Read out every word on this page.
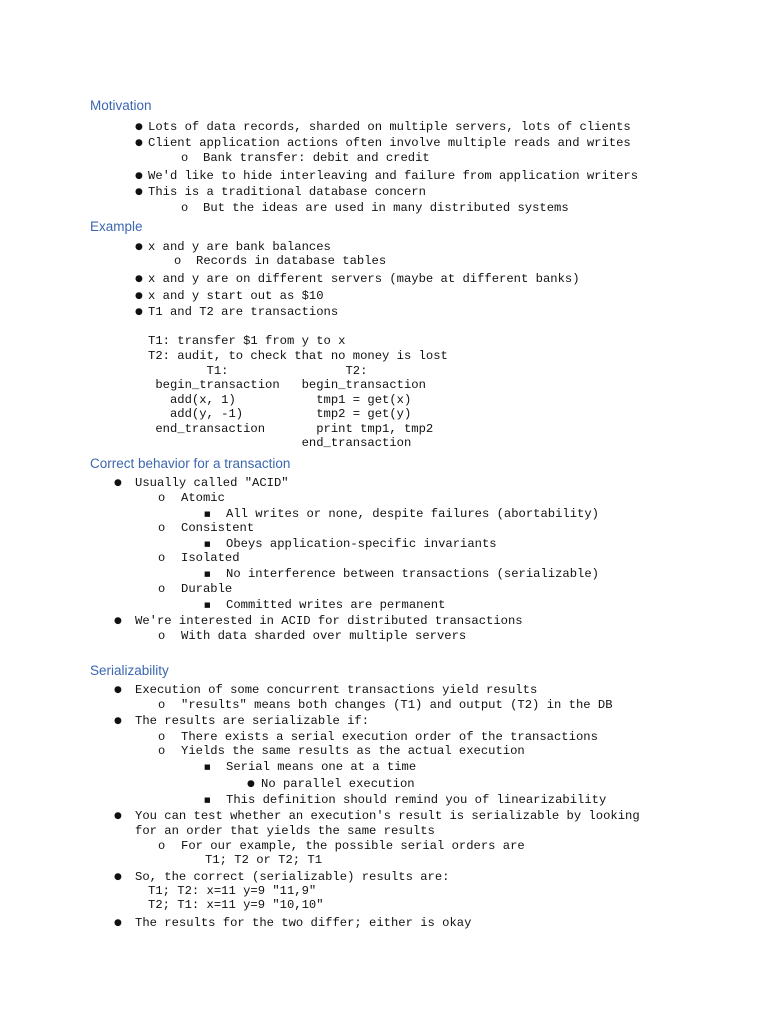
Motivation
● Lots of data records, sharded on multiple servers, lots of clients
● Client application actions often involve multiple reads and writes
o Bank transfer: debit and credit
● We'd like to hide interleaving and failure from application writers
● This is a traditional database concern
o But the ideas are used in many distributed systems
Example
● x and y are bank balances
o Records in database tables
● x and y are on different servers (maybe at different banks)
● x and y start out as $10
● T1 and T2 are transactions
T1: transfer $1 from y to x
T2: audit, to check that no money is lost
T1:                T2:
begin_transaction   begin_transaction
add(x, 1)           tmp1 = get(x)
add(y, -1)          tmp2 = get(y)
end_transaction       print tmp1, tmp2
end_transaction
Correct behavior for a transaction
● Usually called "ACID"
o Atomic
■ All writes or none, despite failures (abortability)
o Consistent
■ Obeys application-specific invariants
o Isolated
■ No interference between transactions (serializable)
o Durable
■ Committed writes are permanent
● We're interested in ACID for distributed transactions
o With data sharded over multiple servers
Serializability
● Execution of some concurrent transactions yield results
o "results" means both changes (T1) and output (T2) in the DB
● The results are serializable if:
o There exists a serial execution order of the transactions
o Yields the same results as the actual execution
■ Serial means one at a time
● No parallel execution
■ This definition should remind you of linearizability
● You can test whether an execution's result is serializable by looking
for an order that yields the same results
o For our example, the possible serial orders are
T1; T2 or T2; T1
● So, the correct (serializable) results are:
T1; T2: x=11 y=9 "11,9"
T2; T1: x=11 y=9 "10,10"
● The results for the two differ; either is okay
